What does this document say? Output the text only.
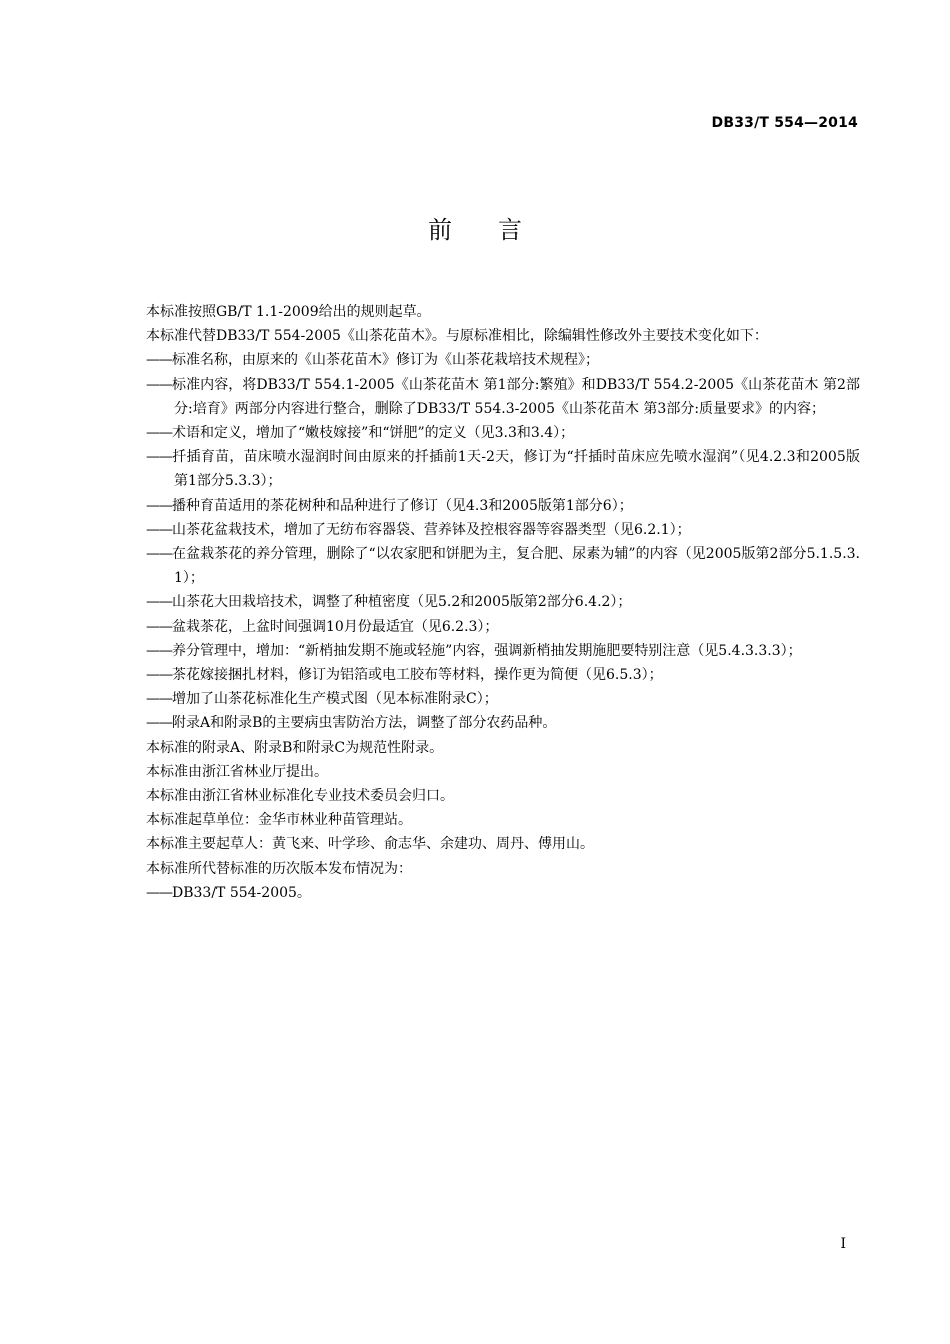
DB33/T 554—2014
前言

本标准按照GB/T 1.1-2009给出的规则起草。

本标准代替DB33/T 554-2005《山茶花苗木》。与原标准相比，除编辑性修改外主要技术变化如下：

——标准名称，由原来的《山茶花苗木》修订为《山茶花栽培技术规程》；

——标准内容，将DB33/T 554.1-2005《山茶花苗木 第1部分:繁殖》和DB33/T 554.2-2005《山茶花苗木 第2部分:培育》两部分内容进行整合，删除了DB33/T 554.3-2005《山茶花苗木 第3部分:质量要求》的内容；

——术语和定义，增加了“嫩枝嫁接”和“饼肥”的定义（见3.3和3.4）；

——扦插育苗，苗床喷水湿润时间由原来的扦插前1天-2天，修订为“扦插时苗床应先喷水湿润”（见4.2.3和2005版第1部分5.3.3）；

——播种育苗适用的茶花树种和品种进行了修订（见4.3和2005版第1部分6）；

——山茶花盆栽技术，增加了无纺布容器袋、营养钵及控根容器等容器类型（见6.2.1）；

——在盆栽茶花的养分管理，删除了“以农家肥和饼肥为主，复合肥、尿素为辅”的内容（见2005版第2部分5.1.5.3.1）；

——山茶花大田栽培技术，调整了种植密度（见5.2和2005版第2部分6.4.2）；

——盆栽茶花，上盆时间强调10月份最适宜（见6.2.3）；

——养分管理中，增加：“新梢抽发期不施或轻施”内容，强调新梢抽发期施肥要特别注意（见5.4.3.3.3）；

——茶花嫁接捆扎材料，修订为铝箔或电工胶布等材料，操作更为简便（见6.5.3）；

——增加了山茶花标准化生产模式图（见本标准附录C）；

——附录A和附录B的主要病虫害防治方法，调整了部分农药品种。

本标准的附录A、附录B和附录C为规范性附录。

本标准由浙江省林业厅提出。

本标准由浙江省林业标准化专业技术委员会归口。

本标准起草单位：金华市林业种苗管理站。

本标准主要起草人：黄飞来、叶学珍、俞志华、余建功、周丹、傅用山。

本标准所代替标准的历次版本发布情况为：

——DB33/T 554-2005。

I
